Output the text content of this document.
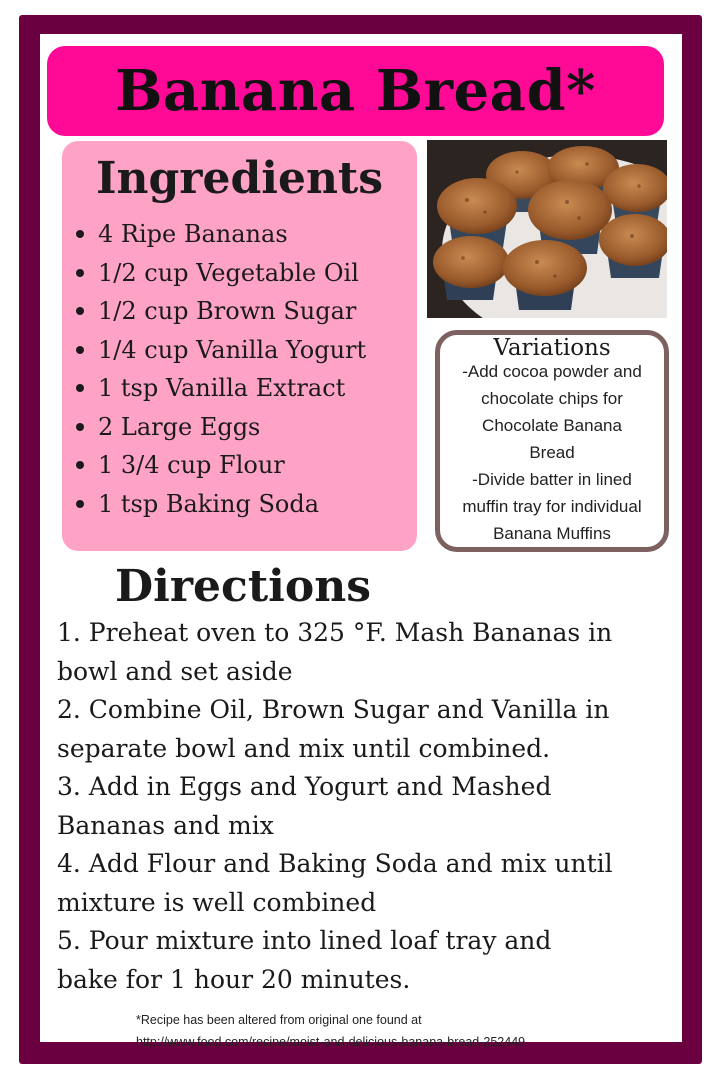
Banana Bread*
Ingredients
4 Ripe Bananas
1/2 cup Vegetable Oil
1/2 cup Brown Sugar
1/4 cup Vanilla Yogurt
1 tsp Vanilla Extract
2 Large Eggs
1 3/4 cup Flour
1 tsp Baking Soda
Variations
-Add cocoa powder and
chocolate chips for
Chocolate Banana
Bread
-Divide batter in lined
muffin tray for individual
Banana Muffins
Directions

1. Preheat oven to 325 °F. Mash Bananas in

bowl and set aside

2. Combine Oil, Brown Sugar and Vanilla in

separate bowl and mix until combined.

3. Add in Eggs and Yogurt and Mashed

Bananas and mix

4. Add Flour and Baking Soda and mix until

mixture is well combined

5. Pour mixture into lined loaf tray and

bake for 1 hour 20 minutes.

*Recipe has been altered from original one found at
http://www.food.com/recipe/moist-and-delicious-banana-bread-252449
